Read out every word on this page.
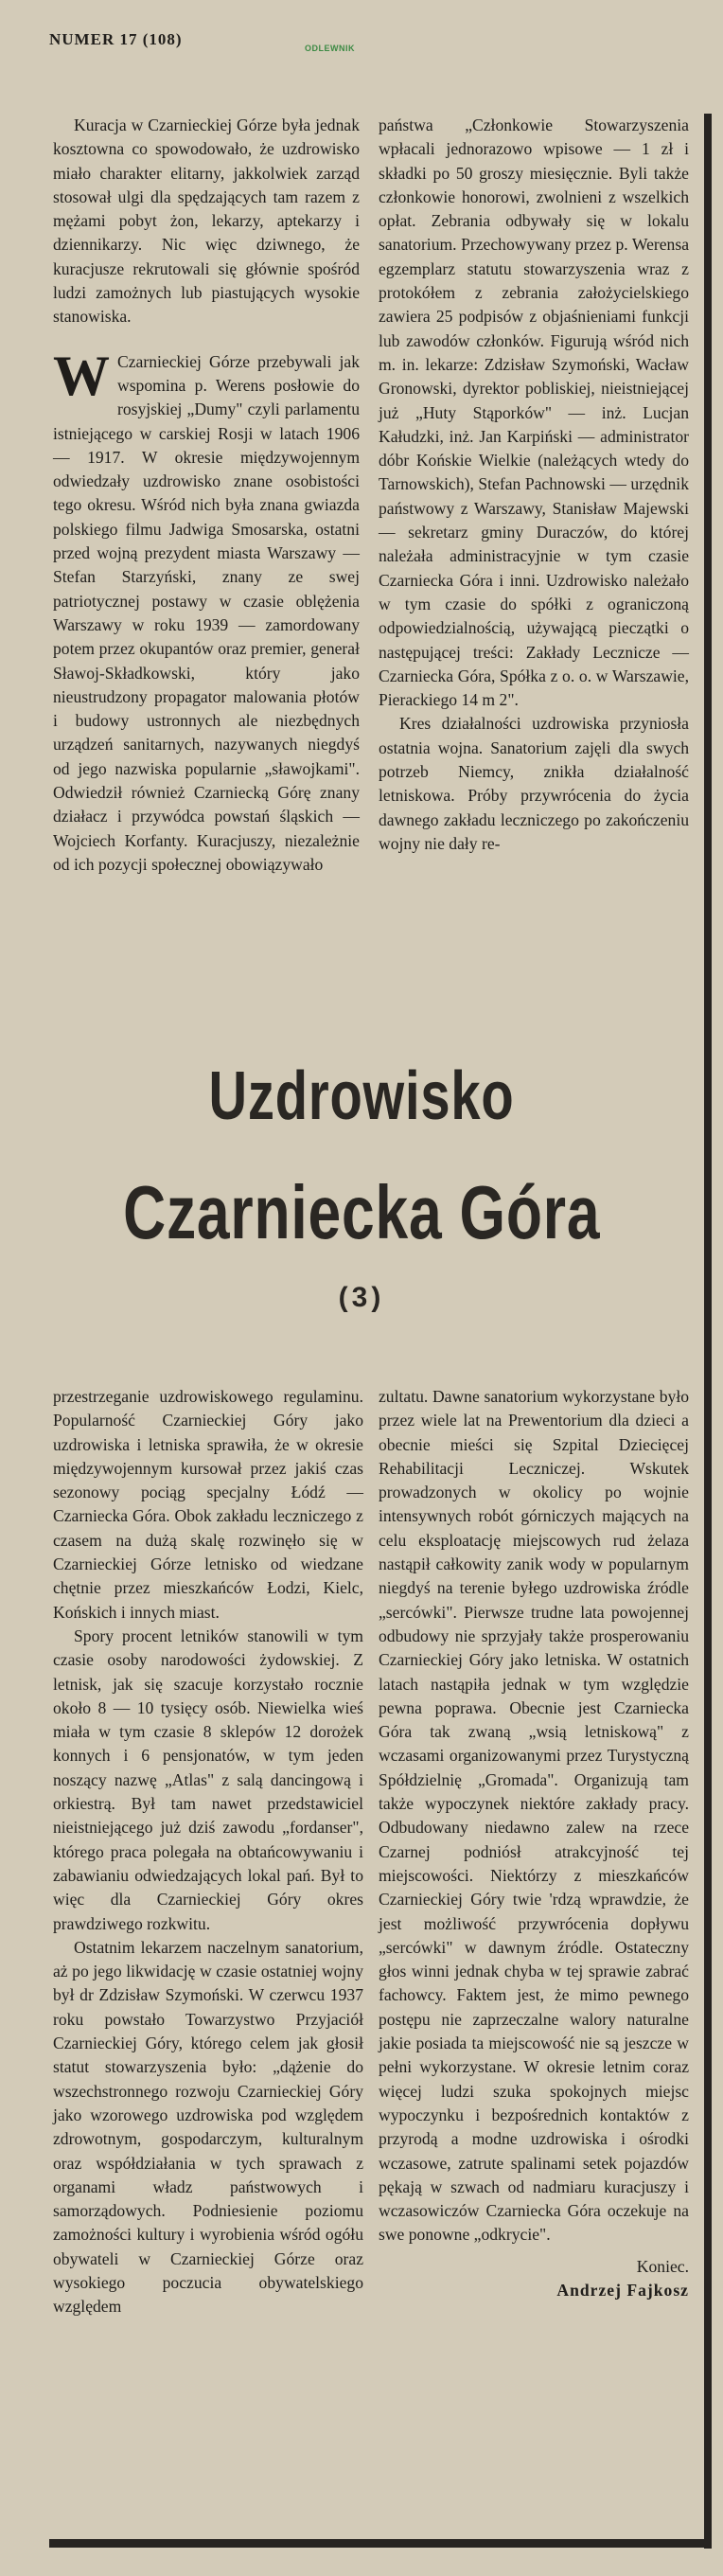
NUMER 17 (108)	ODLEWNIK

Kuracja w Czarnieckiej Górze była jednak kosztowna co spowodowało, że uzdrowisko miało charakter elitarny, jakkolwiek zarząd stosował ulgi dla spędzających tam razem z mężami pobyt żon, lekarzy, aptekarzy i dziennikarzy. Nic więc dziwnego, że kuracjusze rekrutowali się głównie spośród ludzi zamożnych lub piastujących wysokie stanowiska.

W Czarnieckiej Górze przebywali jak wspomina p. Werens posłowie do rosyjskiej „Dumy" czyli parlamentu istniejącego w carskiej Rosji w latach 1906 — 1917. W okresie międzywojennym odwiedzały uzdrowisko znane osobistości tego okresu. Wśród nich była znana gwiazda polskiego filmu Jadwiga Smosarska, ostatni przed wojną prezydent miasta Warszawy — Stefan Starzyński, znany ze swej patriotycznej postawy w czasie oblężenia Warszawy w roku 1939 — zamordowany potem przez okupantów oraz premier, generał Sławoj-Składkowski, który jako nieustrudzony propagator malowania płotów i budowy ustronnych ale niezbędnych urządzeń sanitarnych, nazywanych niegdyś od jego nazwiska popularnie „sławojkami". Odwiedził również Czarniecką Górę znany działacz i przywódca powstań śląskich — Wojciech Korfanty. Kuracjuszy, niezależnie od ich pozycji społecznej obowiązywało

państwa „Członkowie Stowarzyszenia wpłacali jednorazowo wpisowe — 1 zł i składki po 50 groszy miesięcznie. Byli także członkowie honorowi, zwolnieni z wszelkich opłat. Zebrania odbywały się w lokalu sanatorium. Przechowywany przez p. Werensa egzemplarz statutu stowarzyszenia wraz z protokółem z zebrania założycielskiego zawiera 25 podpisów z objaśnieniami funkcji lub zawodów członków. Figurują wśród nich m. in. lekarze: Zdzisław Szymoński, Wacław Gronowski, dyrektor pobliskiej, nieistniejącej już „Huty Stąporków" — inż. Lucjan Kałudzki, inż. Jan Karpiński — administrator dóbr Końskie Wielkie (należących wtedy do Tarnowskich), Stefan Pachnowski — urzędnik państwowy z Warszawy, Stanisław Majewski — sekretarz gminy Duraczów, do której należała administracyjnie w tym czasie Czarniecka Góra i inni. Uzdrowisko należało w tym czasie do spółki z ograniczoną odpowiedzialnością, używającą pieczątki o następującej treści: Zakłady Lecznicze — Czarniecka Góra, Spółka z o. o. w Warszawie, Pierackiego 14 m 2".

Kres działalności uzdrowiska przyniosła ostatnia wojna. Sanatorium zajęli dla swych potrzeb Niemcy, znikła działalność letniskowa. Próby przywrócenia do życia dawnego zakładu leczniczego po zakończeniu wojny nie dały re-

Uzdrowisko
Czarniecka Góra
(3)

przestrzeganie uzdrowiskowego regulaminu. Popularność Czarnieckiej Góry jako uzdrowiska i letniska sprawiła, że w okresie międzywojennym kursował przez jakiś czas sezonowy pociąg specjalny Łódź — Czarniecka Góra. Obok zakładu leczniczego z czasem na dużą skalę rozwinęło się w Czarnieckiej Górze letnisko od wiedzane chętnie przez mieszkańców Łodzi, Kielc, Końskich i innych miast.

Spory procent letników stanowili w tym czasie osoby narodowości żydowskiej. Z letnisk, jak się szacuje korzystało rocznie około 8 — 10 tysięcy osób. Niewielka wieś miała w tym czasie 8 sklepów 12 dorożek konnych i 6 pensjonatów, w tym jeden noszący nazwę „Atlas" z salą dancingową i orkiestrą. Był tam nawet przedstawiciel nieistniejącego już dziś zawodu „fordanser", którego praca polegała na obtańcowywaniu i zabawianiu odwiedzających lokal pań. Był to więc dla Czarnieckiej Góry okres prawdziwego rozkwitu.

Ostatnim lekarzem naczelnym sanatorium, aż po jego likwidację w czasie ostatniej wojny był dr Zdzisław Szymoński. W czerwcu 1937 roku powstało Towarzystwo Przyjaciół Czarnieckiej Góry, którego celem jak głosił statut stowarzyszenia było: „dążenie do wszechstronnego rozwoju Czarnieckiej Góry jako wzorowego uzdrowiska pod względem zdrowotnym, gospodarczym, kulturalnym oraz współdziałania w tych sprawach z organami władz państwowych i samorządowych. Podniesienie poziomu zamożności kultury i wyrobienia wśród ogółu obywateli w Czarnieckiej Górze oraz wysokiego poczucia obywatelskiego względem

zultatu. Dawne sanatorium wykorzystane było przez wiele lat na Prewentorium dla dzieci a obecnie mieści się Szpital Dziecięcej Rehabilitacji Leczniczej. Wskutek prowadzonych w okolicy po wojnie intensywnych robót górniczych mających na celu eksploatację miejscowych rud żelaza nastąpił całkowity zanik wody w popularnym niegdyś na terenie byłego uzdrowiska źródle „sercówki". Pierwsze trudne lata powojennej odbudowy nie sprzyjały także prosperowaniu Czarnieckiej Góry jako letniska. W ostatnich latach nastąpiła jednak w tym względzie pewna poprawa. Obecnie jest Czarniecka Góra tak zwaną „wsią letniskową" z wczasami organizowanymi przez Turystyczną Spółdzielnię „Gromada". Organizują tam także wypoczynek niektóre zakłady pracy. Odbudowany niedawno zalew na rzece Czarnej podniósł atrakcyjność tej miejscowości. Niektórzy z mieszkańców Czarnieckiej Góry twie 'rdzą wprawdzie, że jest możliwość przywrócenia dopływu „sercówki" w dawnym źródle. Ostateczny głos winni jednak chyba w tej sprawie zabrać fachowcy. Faktem jest, że mimo pewnego postępu nie zaprzeczalne walory naturalne jakie posiada ta miejscowość nie są jeszcze w pełni wykorzystane. W okresie letnim coraz więcej ludzi szuka spokojnych miejsc wypoczynku i bezpośrednich kontaktów z przyrodą a modne uzdrowiska i ośrodki wczasowe, zatrute spalinami setek pojazdów pękają w szwach od nadmiaru kuracjuszy i wczasowiczów Czarniecka Góra oczekuje na swe ponowne „odkrycie".

Koniec.

Andrzej Fajkosz
